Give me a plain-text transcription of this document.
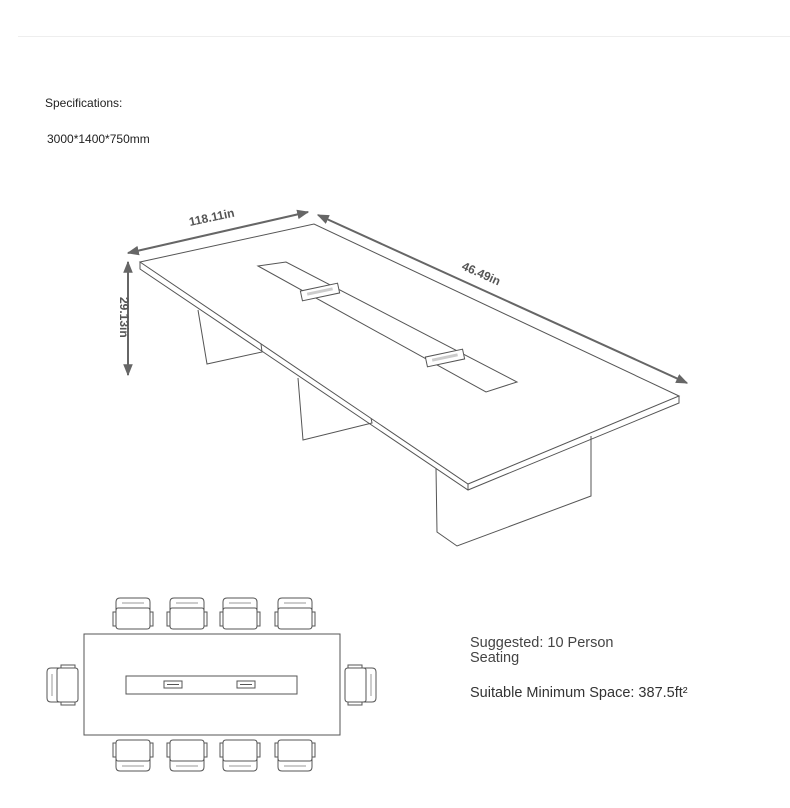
Specifications:
3000*1400*750mm
118.11in
46.49in
29.13in
Suggested: 10 Person Seating
Suitable Minimum Space: 387.5ft²
